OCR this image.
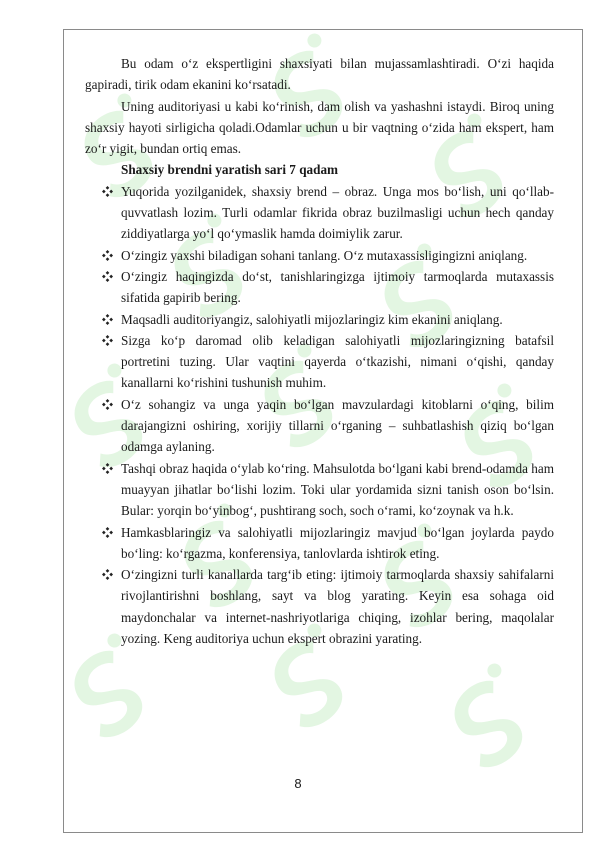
Bu odam o‘z ekspertligini shaxsiyati bilan mujassamlashtiradi. O‘zi haqida gapiradi, tirik odam ekanini ko‘rsatadi.

Uning auditoriyasi u kabi ko‘rinish, dam olish va yashashni istaydi. Biroq uning shaxsiy hayoti sirligicha qoladi.Odamlar uchun u bir vaqtning o‘zida ham ekspert, ham zo‘r yigit, bundan ortiq emas.

Shaxsiy brendni yaratish sari 7 qadam

Yuqorida yozilganidek, shaxsiy brend – obraz. Unga mos bo‘lish, uni qo‘llab-quvvatlash lozim. Turli odamlar fikrida obraz buzilmasligi uchun hech qanday ziddiyatlarga yo‘l qo‘ymaslik hamda doimiylik zarur.
O‘zingiz yaxshi biladigan sohani tanlang. O‘z mutaxassisligingizni aniqlang.
O‘zingiz haqingizda do‘st, tanishlaringizga ijtimoiy tarmoqlarda mutaxassis sifatida gapirib bering.
Maqsadli auditoriyangiz, salohiyatli mijozlaringiz kim ekanini aniqlang.
Sizga ko‘p daromad olib keladigan salohiyatli mijozlaringizning batafsil portretini tuzing. Ular vaqtini qayerda o‘tkazishi, nimani o‘qishi, qanday kanallarni ko‘rishini tushunish muhim.
O‘z sohangiz va unga yaqin bo‘lgan mavzulardagi kitoblarni o‘qing, bilim darajangizni oshiring, xorijiy tillarni o‘rganing – suhbatlashish qiziq bo‘lgan odamga aylaning.
Tashqi obraz haqida o‘ylab ko‘ring. Mahsulotda bo‘lgani kabi brend-odamda ham muayyan jihatlar bo‘lishi lozim. Toki ular yordamida sizni tanish oson bo‘lsin. Bular: yorqin bo‘yinbog‘, pushtirang soch, soch o‘rami, ko‘zoynak va h.k.
Hamkasblaringiz va salohiyatli mijozlaringiz mavjud bo‘lgan joylarda paydo bo‘ling: ko‘rgazma, konferensiya, tanlovlarda ishtirok eting.
O‘zingizni turli kanallarda targ‘ib eting: ijtimoiy tarmoqlarda shaxsiy sahifalarni rivojlantirishni boshlang, sayt va blog yarating. Keyin esa sohaga oid maydonchalar va internet-nashriyotlariga chiqing, izohlar bering, maqolalar yozing. Keng auditoriya uchun ekspert obrazini yarating.
8
